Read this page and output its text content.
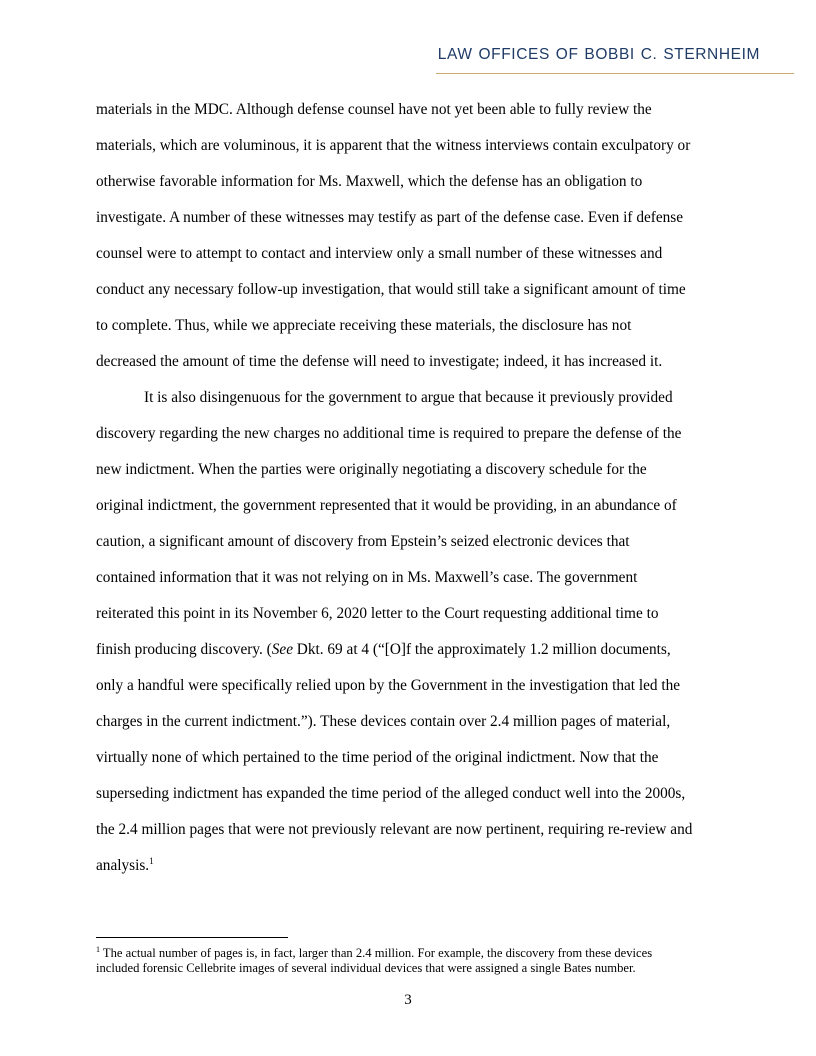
LAW OFFICES OF BOBBI C. STERNHEIM

materials in the MDC. Although defense counsel have not yet been able to fully review the
materials, which are voluminous, it is apparent that the witness interviews contain exculpatory or
otherwise favorable information for Ms. Maxwell, which the defense has an obligation to
investigate. A number of these witnesses may testify as part of the defense case. Even if defense
counsel were to attempt to contact and interview only a small number of these witnesses and
conduct any necessary follow-up investigation, that would still take a significant amount of time
to complete. Thus, while we appreciate receiving these materials, the disclosure has not
decreased the amount of time the defense will need to investigate; indeed, it has increased it.

It is also disingenuous for the government to argue that because it previously provided
discovery regarding the new charges no additional time is required to prepare the defense of the
new indictment. When the parties were originally negotiating a discovery schedule for the
original indictment, the government represented that it would be providing, in an abundance of
caution, a significant amount of discovery from Epstein’s seized electronic devices that
contained information that it was not relying on in Ms. Maxwell’s case. The government
reiterated this point in its November 6, 2020 letter to the Court requesting additional time to
finish producing discovery. (See Dkt. 69 at 4 (“[O]f the approximately 1.2 million documents,
only a handful were specifically relied upon by the Government in the investigation that led the
charges in the current indictment.”). These devices contain over 2.4 million pages of material,
virtually none of which pertained to the time period of the original indictment. Now that the
superseding indictment has expanded the time period of the alleged conduct well into the 2000s,
the 2.4 million pages that were not previously relevant are now pertinent, requiring re-review and
analysis.$^1$

$^1$ The actual number of pages is, in fact, larger than 2.4 million. For example, the discovery from these devices
included forensic Cellebrite images of several individual devices that were assigned a single Bates number.
3
